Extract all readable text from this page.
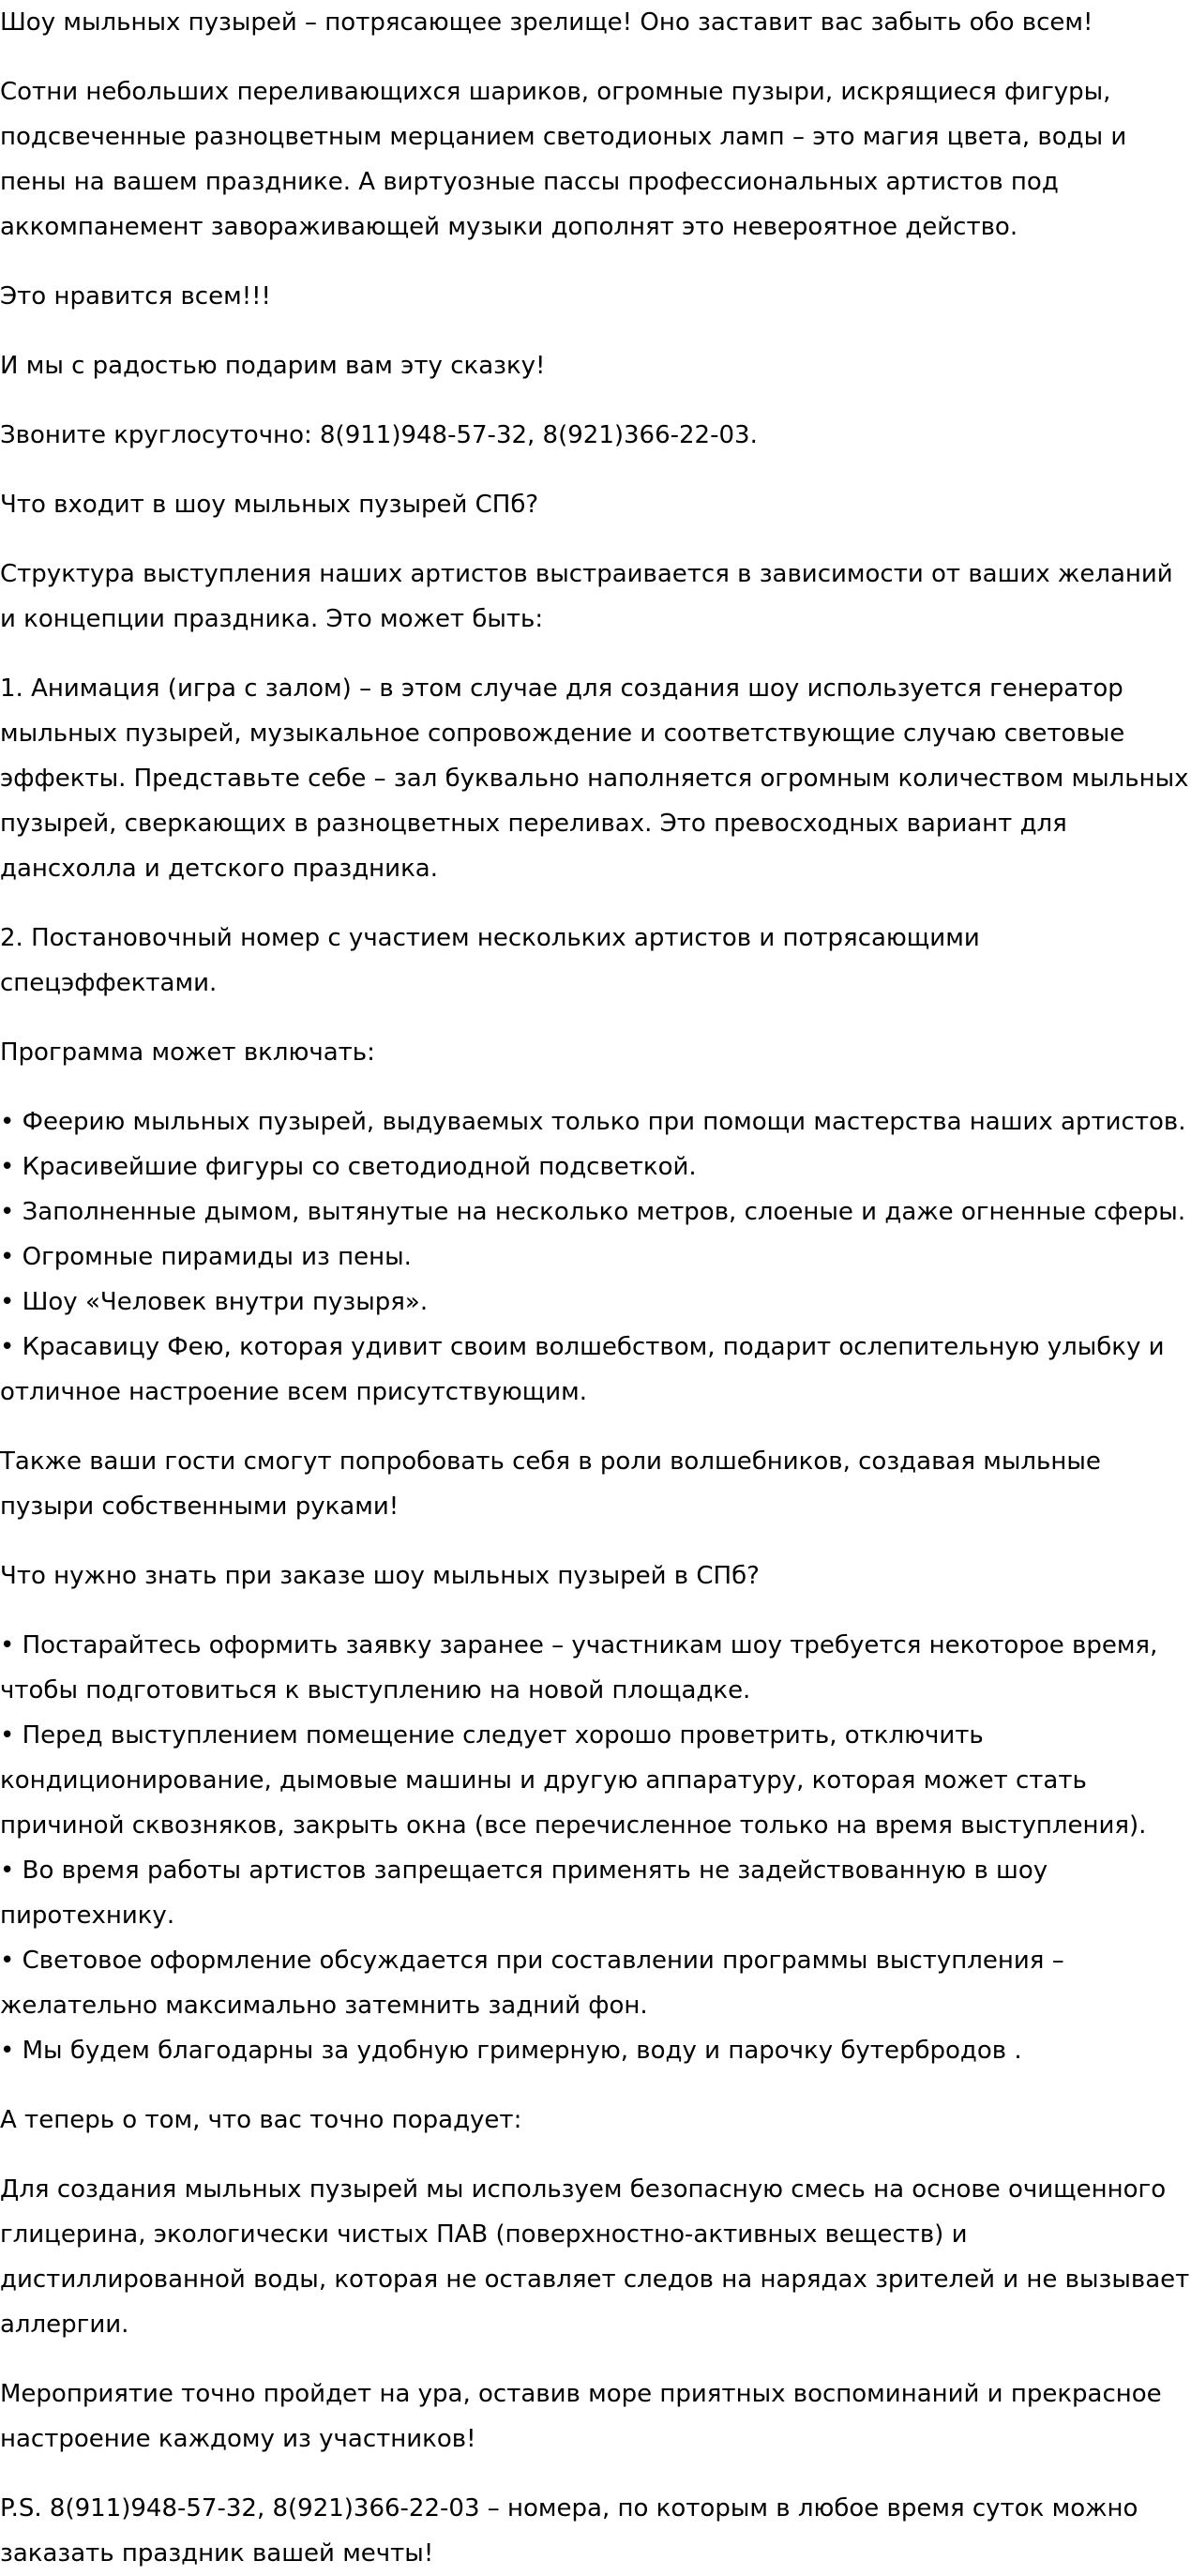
Шоу мыльных пузырей – потрясающее зрелище! Оно заставит вас забыть обо всем!
Сотни небольших переливающихся шариков, огромные пузыри, искрящиеся фигуры,
подсвеченные разноцветным мерцанием светодионых ламп – это магия цвета, воды и
пены на вашем празднике. А виртуозные пассы профессиональных артистов под
аккомпанемент завораживающей музыки дополнят это невероятное действо.
Это нравится всем!!!
И мы с радостью подарим вам эту сказку!
Звоните круглосуточно: 8(911)948-57-32, 8(921)366-22-03.
Что входит в шоу мыльных пузырей СПб?
Структура выступления наших артистов выстраивается в зависимости от ваших желаний
и концепции праздника. Это может быть:
1. Анимация (игра с залом) – в этом случае для создания шоу используется генератор
мыльных пузырей, музыкальное сопровождение и соответствующие случаю световые
эффекты. Представьте себе – зал буквально наполняется огромным количеством мыльных
пузырей, сверкающих в разноцветных переливах. Это превосходных вариант для
дансхолла и детского праздника.
2. Постановочный номер с участием нескольких артистов и потрясающими
спецэффектами.
Программа может включать:
• Феерию мыльных пузырей, выдуваемых только при помощи мастерства наших артистов.
• Красивейшие фигуры со светодиодной подсветкой.
• Заполненные дымом, вытянутые на несколько метров, слоеные и даже огненные сферы.
• Огромные пирамиды из пены.
• Шоу «Человек внутри пузыря».
• Красавицу Фею, которая удивит своим волшебством, подарит ослепительную улыбку и
отличное настроение всем присутствующим.
Также ваши гости смогут попробовать себя в роли волшебников, создавая мыльные
пузыри собственными руками!
Что нужно знать при заказе шоу мыльных пузырей в СПб?
• Постарайтесь оформить заявку заранее – участникам шоу требуется некоторое время,
чтобы подготовиться к выступлению на новой площадке.
• Перед выступлением помещение следует хорошо проветрить, отключить
кондиционирование, дымовые машины и другую аппаратуру, которая может стать
причиной сквозняков, закрыть окна (все перечисленное только на время выступления).
• Во время работы артистов запрещается применять не задействованную в шоу
пиротехнику.
• Световое оформление обсуждается при составлении программы выступления –
желательно максимально затемнить задний фон.
• Мы будем благодарны за удобную гримерную, воду и парочку бутербродов .
А теперь о том, что вас точно порадует:
Для создания мыльных пузырей мы используем безопасную смесь на основе очищенного
глицерина, экологически чистых ПАВ (поверхностно-активных веществ) и
дистиллированной воды, которая не оставляет следов на нарядах зрителей и не вызывает
аллергии.
Мероприятие точно пройдет на ура, оставив море приятных воспоминаний и прекрасное
настроение каждому из участников!
P.S. 8(911)948-57-32, 8(921)366-22-03 – номера, по которым в любое время суток можно
заказать праздник вашей мечты!
